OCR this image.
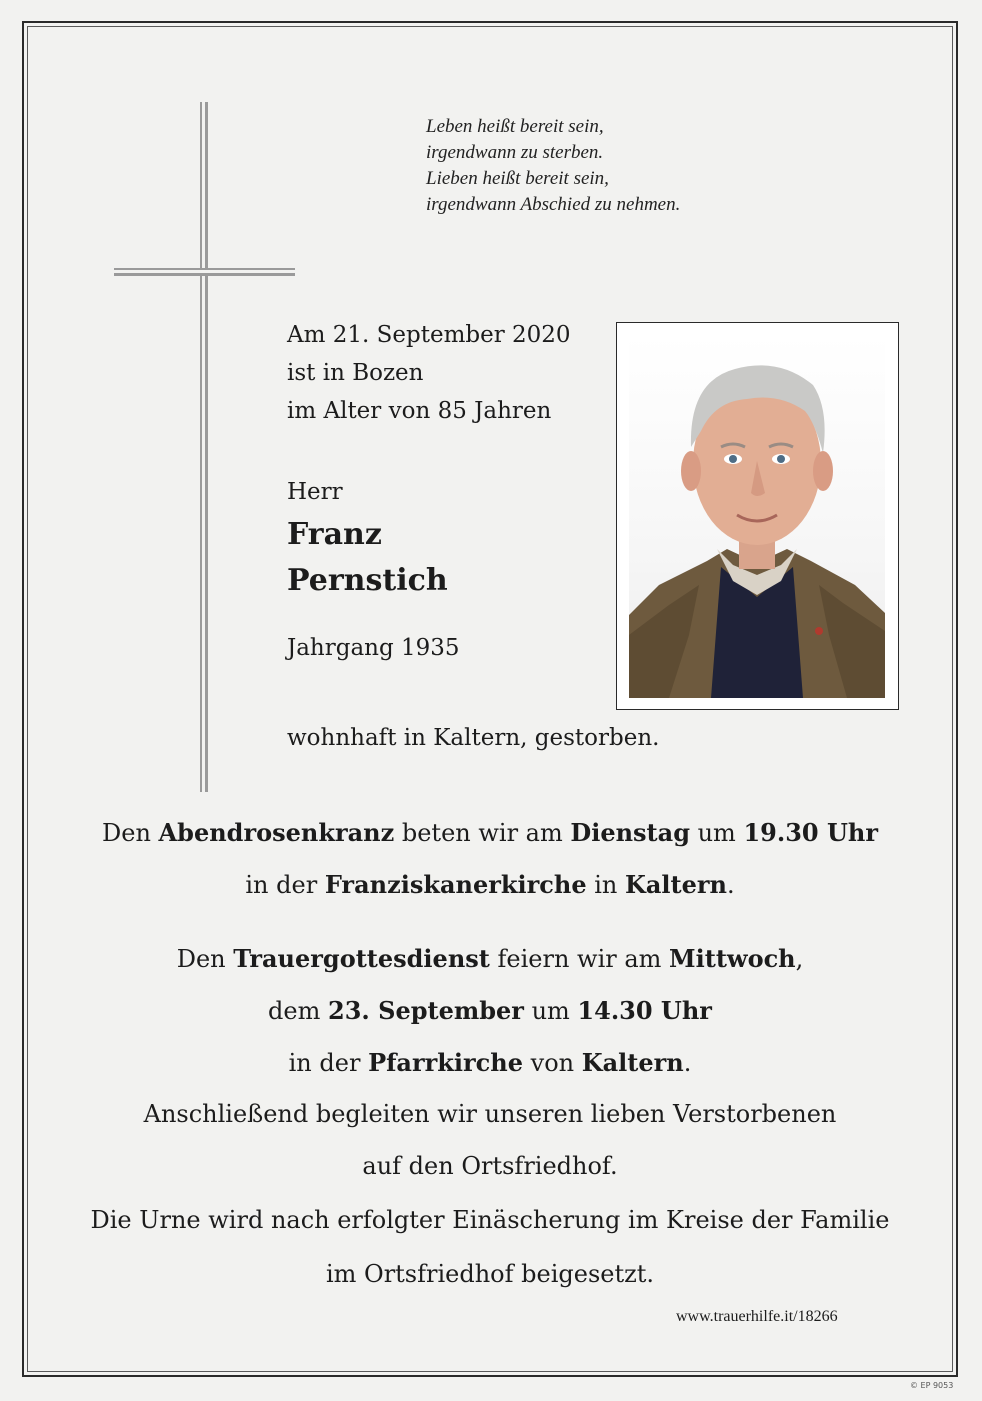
Leben heißt bereit sein,
irgendwann zu sterben.
Lieben heißt bereit sein,
irgendwann Abschied zu nehmen.
Am 21. September 2020
ist in Bozen
im Alter von 85 Jahren
Herr
Franz
Pernstich
Jahrgang 1935
wohnhaft in Kaltern, gestorben.
Den Abendrosenkranz beten wir am Dienstag um 19.30 Uhr
in der Franziskanerkirche in Kaltern.
Den Trauergottesdienst feiern wir am Mittwoch,
dem 23. September um 14.30 Uhr
in der Pfarrkirche von Kaltern.
Anschließend begleiten wir unseren lieben Verstorbenen
auf den Ortsfriedhof.
Die Urne wird nach erfolgter Einäscherung im Kreise der Familie
im Ortsfriedhof beigesetzt.
www.trauerhilfe.it/18266
© EP 9053
